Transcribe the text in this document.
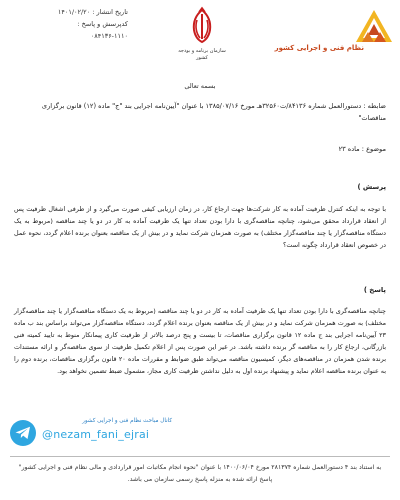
تاریخ انتشار : ۱۴۰۱/۰۲/۲۰
کدپرسش و پاسخ :
۰۸۴۱۳۶-۱۱۱۰
سازمان برنامه و بودجه کشور
نظام فنی و اجرایی کشور
بسمه تعالی
ضابطه : دستورالعمل شماره ۸۴۱۳۶/ت۳۲۵۶۰هـ مورخ ۱۳۸۵/۰۷/۱۶ با عنوان "آیین‌نامه اجرایی بند "ج" ماده (۱۲) قانون برگزاری مناقصات"
موضوع : ماده ۲۳
پرسش )
با توجه به اینکه کنترل ظرفیت آماده به کار شرکت‌ها جهت ارجاع کار، در زمان ارزیابی کیفی صورت می‌گیرد و از طرفی اشغال ظرفیت پس از انعقاد قرارداد محقق می‌شود، چنانچه مناقصه‌گری با دارا بودن تعداد تنها یک ظرفیت آماده به کار در دو یا چند مناقصه (مربوط به یک دستگاه مناقصه‌گزار یا چند مناقصه‌گزار مختلف) به صورت همزمان شرکت نماید و در بیش از یک مناقصه بعنوان برنده اعلام گردد، نحوه عمل در خصوص انعقاد قرارداد چگونه است؟
پاسخ )
چنانچه مناقصه‌گری با دارا بودن تعداد تنها یک ظرفیت آماده به کار در دو یا چند مناقصه (مربوط به یک دستگاه مناقصه‌گزار یا چند مناقصه‌گزار مختلف) به صورت همزمان شرکت نماید و در بیش از یک مناقصه بعنوان برنده اعلام گردد، دستگاه مناقصه‌گزار می‌تواند براساس بند ب ماده ۲۳ آیین‌نامه اجرایی بند ج ماده ۱۲ قانون برگزاری مناقصات، تا بیست و پنج درصد بالاتر از ظرفیت کاری پیمانکار منوط به تایید کمیته فنی بازرگانی، ارجاع کار را به مناقصه گر برنده داشته باشد. در غیر این صورت پس از اعلام تکمیل ظرفیت از سوی مناقصه‌گر و ارائه مستندات برنده شدن همزمان در مناقصه‌های دیگر، کمیسیون مناقصه می‌تواند طبق ضوابط و مقررات ماده ۲۰ قانون برگزاری مناقصات، برنده دوم را به عنوان برنده مناقصه اعلام نماید و پیشنهاد برنده اول به دلیل نداشتن ظرفیت کاری مجاز، مشمول ضبط تضمین نخواهد بود.
کانال مباحث نظام فنی و اجرایی کشور
@nezam_fani_ejrai
به استناد بند ۴ دستورالعمل شماره ۲۸۱۳۷۴ مورخ ۱۴۰۰/۰۶/۰۴ با عنوان "نحوه انجام مکاتبات امور قراردادی و مالی نظام فنی و اجرایی کشور" پاسخ ارائه شده به منزله پاسخ رسمی سازمان می باشد.
